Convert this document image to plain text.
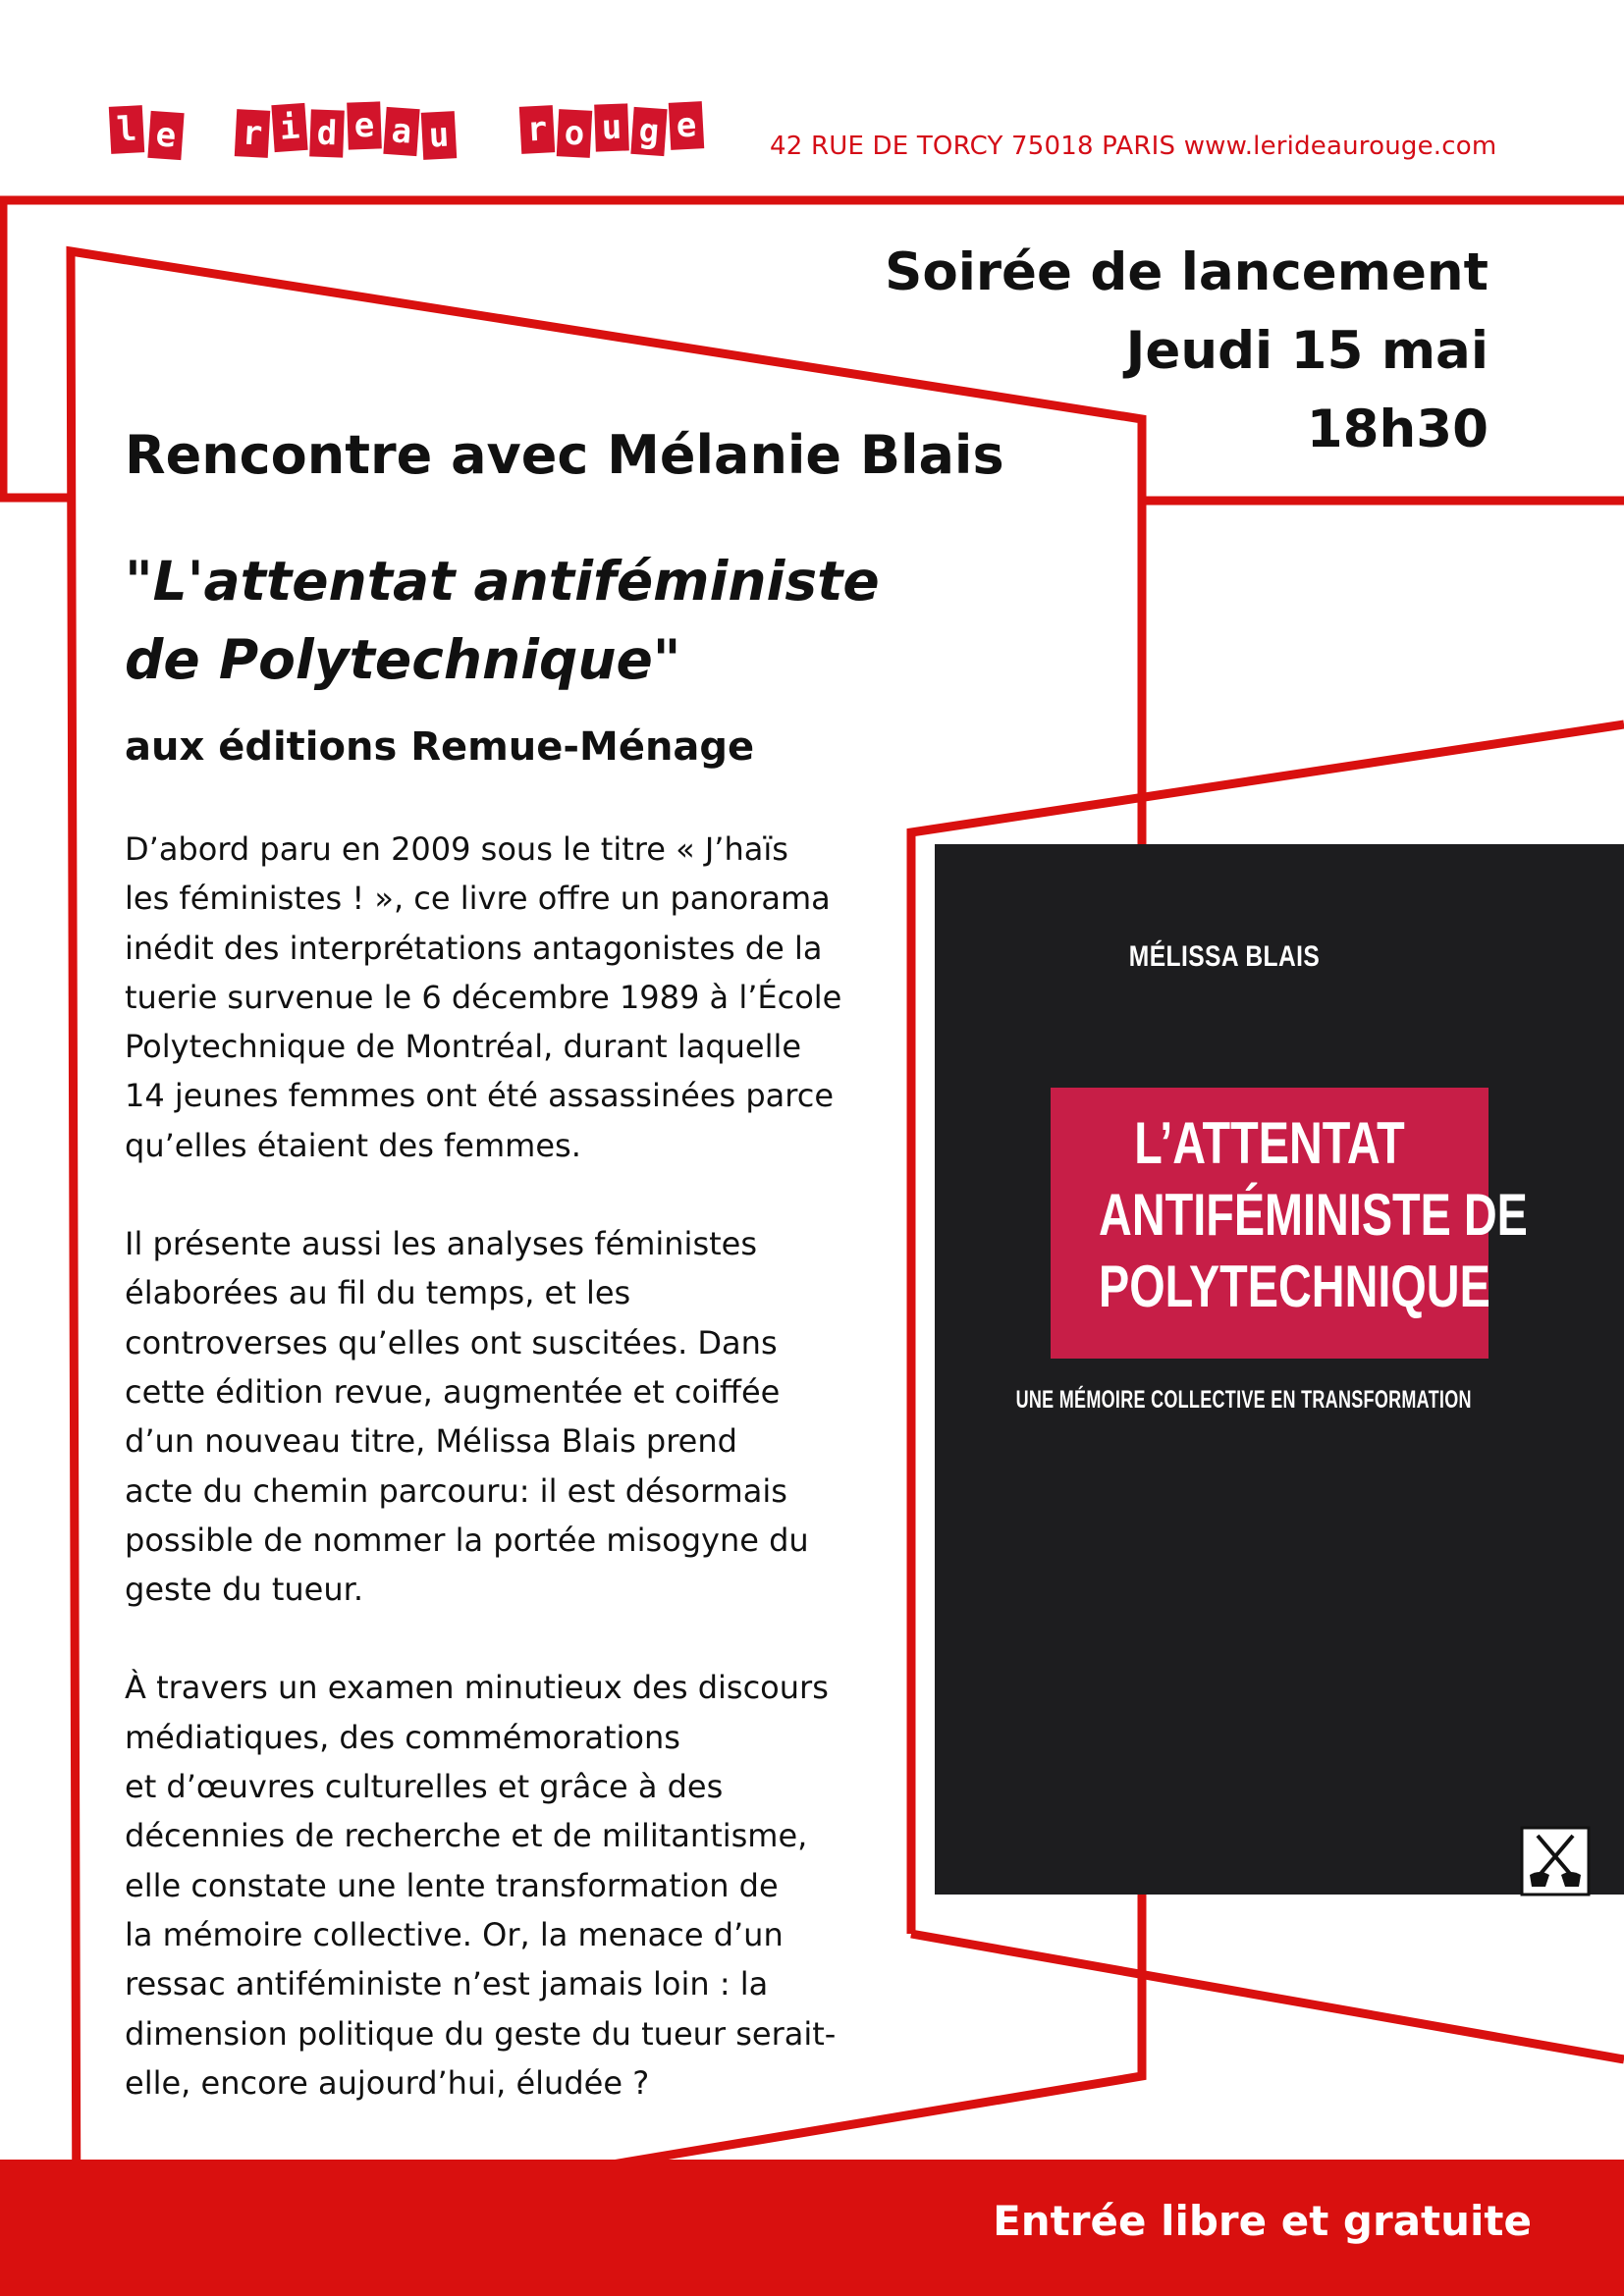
l e r i d e a u r o u g e
42 RUE DE TORCY 75018 PARIS www.lerideaurouge.com
Soirée de lancement
Jeudi 15 mai
18h30
Rencontre avec Mélanie Blais
"L'attentat antiféministe de Polytechnique"
aux éditions Remue-Ménage

D’abord paru en 2009 sous le titre « J’haïs
les féministes ! », ce livre offre un panorama
inédit des interprétations antagonistes de la
tuerie survenue le 6 décembre 1989 à l’École
Polytechnique de Montréal, durant laquelle
14 jeunes femmes ont été assassinées parce
qu’elles étaient des femmes.

Il présente aussi les analyses féministes
élaborées au fil du temps, et les
controverses qu’elles ont suscitées. Dans
cette édition revue, augmentée et coiffée
d’un nouveau titre, Mélissa Blais prend
acte du chemin parcouru: il est désormais
possible de nommer la portée misogyne du
geste du tueur.

À travers un examen minutieux des discours
médiatiques, des commémorations
et d’œuvres culturelles et grâce à des
décennies de recherche et de militantisme,
elle constate une lente transformation de
la mémoire collective. Or, la menace d’un
ressac antiféministe n’est jamais loin : la
dimension politique du geste du tueur serait-
elle, encore aujourd’hui, éludée ?

MÉLISSA BLAIS
L’ATTENTAT
ANTIFÉMINISTE DE
POLYTECHNIQUE
UNE MÉMOIRE COLLECTIVE EN TRANSFORMATION
Entrée libre et gratuite
